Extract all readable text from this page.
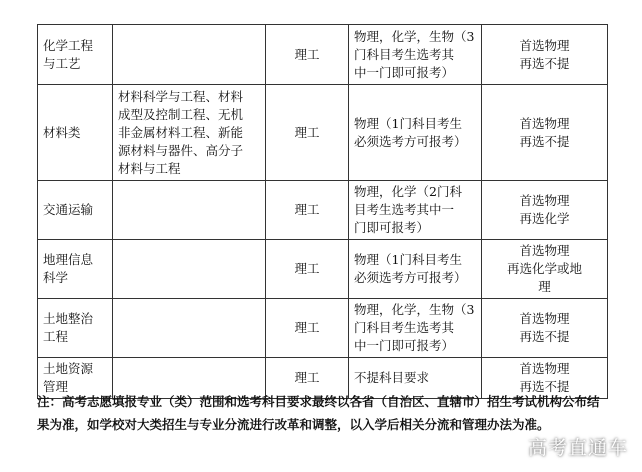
化学工程
与工艺		理工	物理，化学，生物（3
门科目考生选考其
中一门即可报考）	首选物理
再选不提

材料类	材料科学与工程、材料
成型及控制工程、无机
非金属材料工程、新能
源材料与器件、高分子
材料与工程	理工	物理（1门科目考生
必须选考方可报考）	首选物理
再选不提

交通运输		理工	物理，化学（2门科
目考生选考其中一
门即可报考）	首选物理
再选化学

地理信息
科学		理工	物理（1门科目考生
必须选考方可报考）	首选物理
再选化学或地
理

土地整治
工程		理工	物理，化学，生物（3
门科目考生选考其
中一门即可报考）	首选物理
再选不提

土地资源
管理		理工	不提科目要求	首选物理
再选不提
注：高考志愿填报专业（类）范围和选考科目要求最终以各省（自治区、直辖市）招生考试机构公布结果为准，如学校对大类招生与专业分流进行改革和调整，以入学后相关分流和管理办法为准。
高考直通车
